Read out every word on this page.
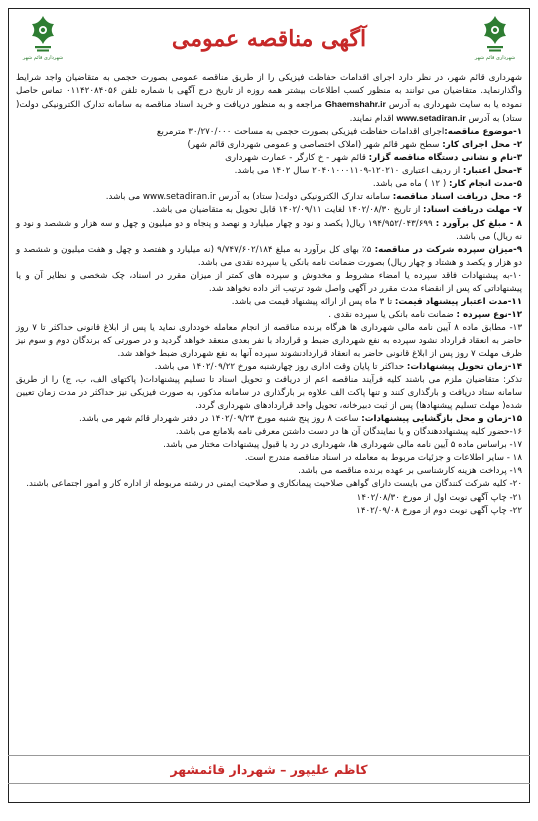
شهرداری قائم شهر
شهرداری قائم شهر
آگهی مناقصه عمومی

شهرداری قائم شهر، در نظر دارد اجرای اقدامات حفاظت فیزیکی را از طریق مناقصه عمومی بصورت حجمی به متقاضیان واجد شرایط واگذارنماید. متقاضیان می توانند به منظور کسب اطلاعات بیشتر همه روزه از تاریخ درج آگهی با شماره تلفن ۰۱۱۴۲۰۸۴۰۵۶ تماس حاصل نموده یا به سایت شهرداری به آدرس Ghaemshahr.ir مراجعه و به منظور دریافت و خرید اسناد مناقصه به سامانه تدارک الکترونیکی دولت( ستاد) به آدرس www.setadiran.ir اقدام نمایند.

۱-موضوع مناقصه:اجرای اقدامات حفاظت فیزیکی بصورت حجمی به مساحت ۳۰/۲۷۰/۰۰۰ مترمربع

۲- محل اجرای کار: سطح شهر قائم شهر (املاک اختصاصی و عمومی شهرداری قائم شهر)

۳-نام و نشانی دستگاه مناقصه گزار: قائم شهر - خ کارگر - عمارت شهرداری

۴-محل اعتبار: از ردیف اعتباری ۱۲۰۲۱۰-۲۰۴۰۱۰۰۰۱۱۰۹ سال ۱۴۰۲ می باشد.

۵-مدت انجام کار: ( ۱۲ ) ماه می باشد.

۶- محل دریافت اسناد مناقصه: سامانه تدارک الکترونیکی دولت( ستاد) به آدرس www.setadiran.ir می باشد.

۷- مهلت دریافت اسناد: از تاریخ ۱۴۰۲/۰۸/۳۰ لغایت ۱۴۰۲/۰۹/۱۱ قابل تحویل به متقاضیان می باشد.

۸ - مبلغ کل برآورد : ۱۹۴/۹۵۲/۰۴۳/۶۹۹ ریال( یکصد و نود و چهار میلیارد و نهصد و پنجاه و دو میلیون و چهل و سه هزار و ششصد و نود و نه ریال) می باشد.

۹-میزان سپرده شرکت در مناقصه: ۵٪ بهای کل برآورد به مبلغ ۹/۷۴۷/۶۰۲/۱۸۴ (نه میلیارد و هفتصد و چهل و هفت میلیون و ششصد و دو هزار و یکصد و هشتاد و چهار ریال) بصورت ضمانت نامه بانکی یا سپرده نقدی می باشد.

۱۰-به پیشنهادات فاقد سپرده یا امضاء مشروط و مخدوش و سپرده های کمتر از میزان مقرر در اسناد، چک شخصی و نظایر آن و یا پیشنهاداتی که پس از انقضاء مدت مقرر در آگهی واصل شود ترتیب اثر داده نخواهد شد.

۱۱-مدت اعتبار پیشنهاد قیمت: تا ۳ ماه پس از ارائه پیشنهاد قیمت می باشد.

۱۲-نوع سپرده : ضمانت نامه بانکی یا سپرده نقدی .

۱۳- مطابق ماده ۸ آیین نامه مالی شهرداری ها هرگاه برنده مناقصه از انجام معامله خودداری نماید یا پس از ابلاغ قانونی حداکثر تا ۷ روز حاضر به انعقاد قرارداد نشود سپرده به نفع شهرداری ضبط و قرارداد با نفر بعدی منعقد خواهد گردید و در صورتی که برندگان دوم و سوم نیز ظرف مهلت ۷ روز پس از ابلاغ قانونی حاضر به انعقاد قراردادنشوند سپرده آنها به نفع شهرداری ضبط خواهد شد.

۱۴-زمان تحویل پیشنهادات: حداکثر تا پایان وقت اداری روز چهارشنبه مورخ ۱۴۰۲/۰۹/۲۲ می باشد.

تذکر: متقاضیان ملزم می باشند کلیه فرآیند مناقصه اعم از دریافت و تحویل اسناد تا تسلیم پیشنهادات( پاکتهای الف، ب، ج) را از طریق سامانه ستاد دریافت و بارگذاری کنند و تنها پاکت الف علاوه بر بارگذاری در سامانه مذکور، به صورت فیزیکی نیز حداکثر در مدت زمان تعیین شده( مهلت تسلیم پیشنهادها) پس از ثبت دبیرخانه، تحویل واحد قراردادهای شهرداری گردد.

۱۵-زمان و محل بازگشایی پیشنهادات: ساعت ۸ روز پنج شنبه مورخ ۱۴۰۲/۰۹/۲۳ در دفتر شهردار قائم شهر می باشد.

۱۶-حضور کلیه پیشنهاددهندگان و یا نمایندگان آن ها در دست داشتن معرفی نامه بلامانع می باشد.

۱۷- براساس ماده ۵ آیین نامه مالی شهرداری ها، شهرداری در رد یا قبول پیشنهادات مختار می باشد.

۱۸ - سایر اطلاعات و جزئیات مربوط به معامله در اسناد مناقصه مندرج است.

۱۹- پرداخت هزینه کارشناسی بر عهده برنده مناقصه می باشد.

۲۰- کلیه شرکت کنندگان می بایست دارای گواهی صلاحیت پیمانکاری و صلاحیت ایمنی در رشته مربوطه از اداره کار و امور اجتماعی باشند.

۲۱- چاپ آگهی نوبت اول از مورخ ۱۴۰۲/۰۸/۳۰

۲۲- چاپ آگهی نوبت دوم از مورخ ۱۴۰۲/۰۹/۰۸

کاظم علیپور – شهردار قائمشهر
